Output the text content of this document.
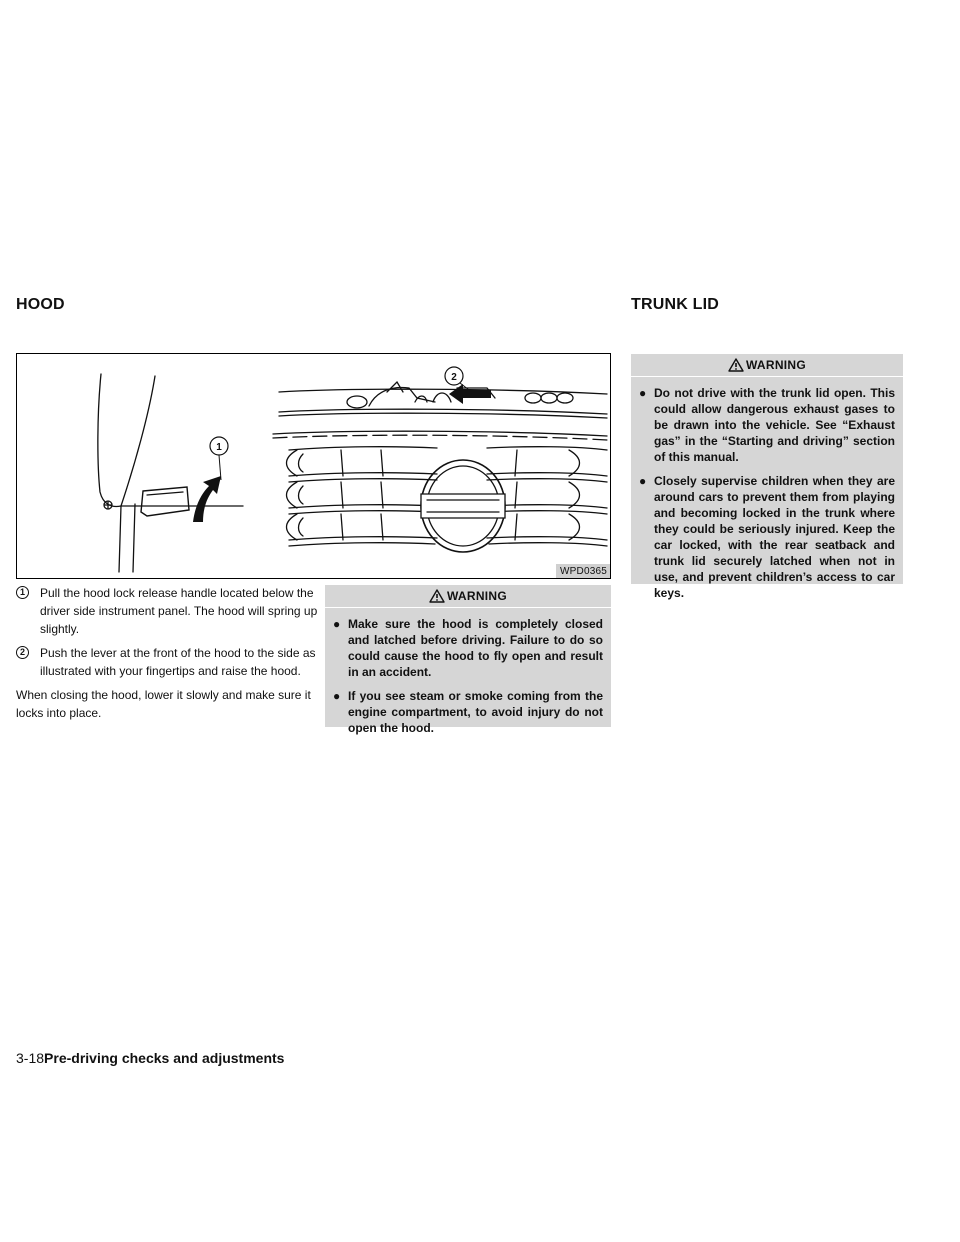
HOOD	TRUNK LID
1
2
WPD0365
1	Pull the hood lock release handle located below the driver side instrument panel. The hood will spring up slightly.
2	Push the lever at the front of the hood to the side as illustrated with your fingertips and raise the hood.
When closing the hood, lower it slowly and make sure it locks into place.
WARNING
● Make sure the hood is completely closed and latched before driving. Failure to do so could cause the hood to fly open and result in an accident.
● If you see steam or smoke coming from the engine compartment, to avoid injury do not open the hood.
WARNING
● Do not drive with the trunk lid open. This could allow dangerous exhaust gases to be drawn into the vehicle. See “Exhaust gas” in the “Starting and driving” section of this manual.
● Closely supervise children when they are around cars to prevent them from playing and becoming locked in the trunk where they could be seriously injured. Keep the car locked, with the rear seatback and trunk lid securely latched when not in use, and prevent children’s access to car keys.
3-18Pre-driving checks and adjustments
